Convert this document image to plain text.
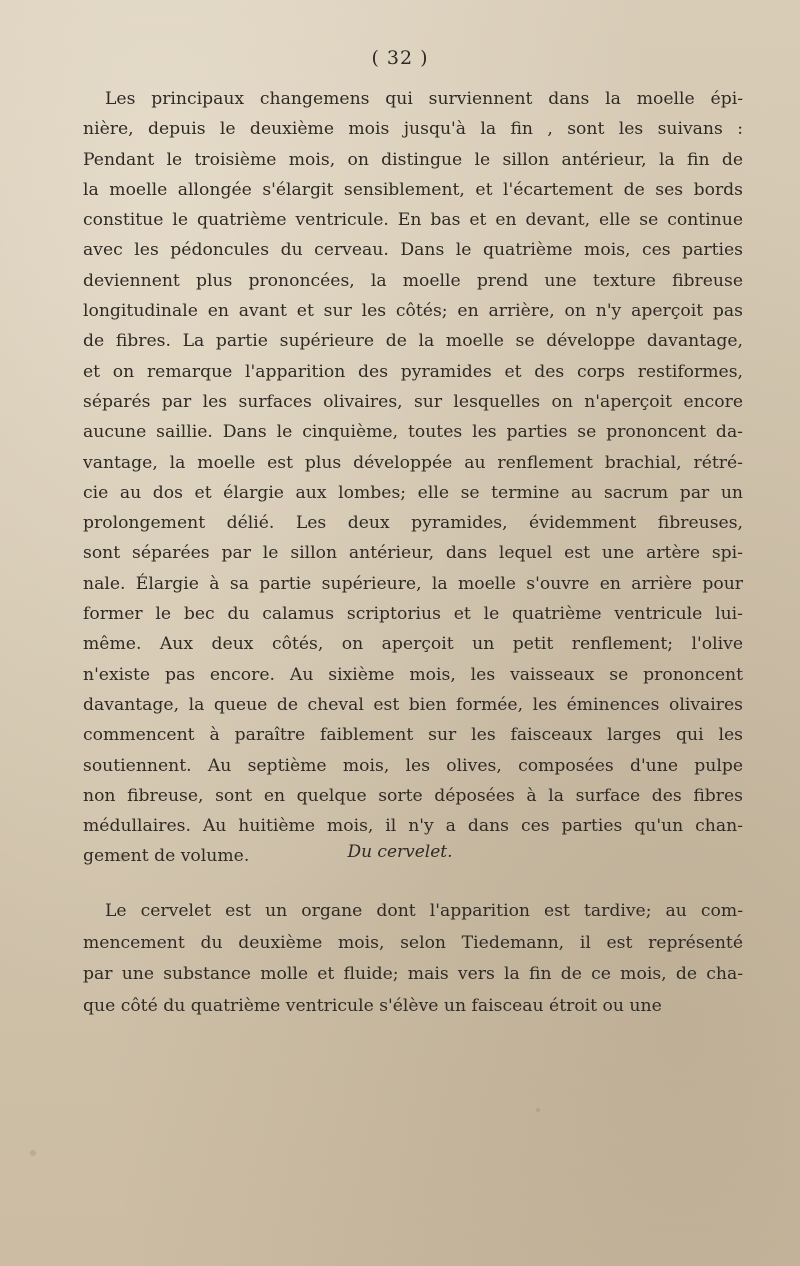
( 32 )
Les principaux changemens qui surviennent dans la moelle épi-
nière, depuis le deuxième mois jusqu'à la fin , sont les suivans :
Pendant le troisième mois, on distingue le sillon antérieur, la fin de
la moelle allongée s'élargit sensiblement, et l'écartement de ses bords
constitue le quatrième ventricule. En bas et en devant, elle se continue
avec les pédoncules du cerveau. Dans le quatrième mois, ces parties
deviennent plus prononcées, la moelle prend une texture fibreuse
longitudinale en avant et sur les côtés; en arrière, on n'y aperçoit pas
de fibres. La partie supérieure de la moelle se développe davantage,
et on remarque l'apparition des pyramides et des corps restiformes,
séparés par les surfaces olivaires, sur lesquelles on n'aperçoit encore
aucune saillie. Dans le cinquième, toutes les parties se prononcent da-
vantage, la moelle est plus développée au renflement brachial, rétré-
cie au dos et élargie aux lombes; elle se termine au sacrum par un
prolongement délié. Les deux pyramides, évidemment fibreuses,
sont séparées par le sillon antérieur, dans lequel est une artère spi-
nale. Élargie à sa partie supérieure, la moelle s'ouvre en arrière pour
former le bec du calamus scriptorius et le quatrième ventricule lui-
même. Aux deux côtés, on aperçoit un petit renflement; l'olive
n'existe pas encore. Au sixième mois, les vaisseaux se prononcent
davantage, la queue de cheval est bien formée, les éminences olivaires
commencent à paraître faiblement sur les faisceaux larges qui les
soutiennent. Au septième mois, les olives, composées d'une pulpe
non fibreuse, sont en quelque sorte déposées à la surface des fibres
médullaires. Au huitième mois, il n'y a dans ces parties qu'un chan-
gement de volume.	Du cervelet.
Le cervelet est un organe dont l'apparition est tardive; au com-
mencement du deuxième mois, selon Tiedemann, il est représenté
par une substance molle et fluide; mais vers la fin de ce mois, de cha-
que côté du quatrième ventricule s'élève un faisceau étroit ou une
